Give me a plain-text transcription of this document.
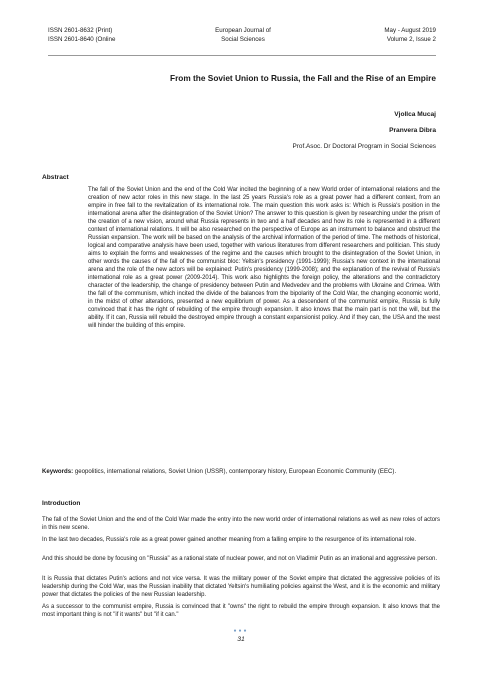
ISSN 2601-8632 (Print)
ISSN 2601-8640 (Online
European Journal of
Social Sciences
May - August 2019
Volume 2, Issue 2
From the Soviet Union to Russia, the Fall and the Rise of an Empire
Vjollca Mucaj
Pranvera Dibra
Prof.Asoc. Dr Doctoral Program in Social Sciences
Abstract

The fall of the Soviet Union and the end of the Cold War incited the beginning of a new World order of international relations and the creation of new actor roles in this new stage. In the last 25 years Russia's role as a great power had a different context, from an empire in free fall to the revitalization of its international role. The main question this work asks is: Which is Russia's position in the international arena after the disintegration of the Soviet Union? The answer to this question is given by researching under the prism of the creation of a new vision, around what Russia represents in two and a half decades and how its role is represented in a different context of international relations. It will be also researched on the perspective of Europe as an instrument to balance and obstruct the Russian expansion. The work will be based on the analysis of the archival information of the period of time. The methods of historical, logical and comparative analysis have been used, together with various literatures from different researchers and politician. This study aims to explain the forms and weaknesses of the regime and the causes which brought to the disintegration of the Soviet Union, in other words the causes of the fall of the communist bloc: Yeltsin's presidency (1991-1999); Russia's new context in the international arena and the role of the new actors will be explained: Putin's presidency (1999-2008); and the explanation of the revival of Russia's international role as a great power (2009-2014). This work also highlights the foreign policy, the alterations and the contradictory character of the leadership, the change of presidency between Putin and Medvedev and the problems with Ukraine and Crimea. With the fall of the communism, which incited the divide of the balances from the bipolarity of the Cold War, the changing economic world, in the midst of other alterations, presented a new equilibrium of power. As a descendent of the communist empire, Russia is fully convinced that it has the right of rebuilding of the empire through expansion. It also knows that the main part is not the will, but the ability. If it can, Russia will rebuild the destroyed empire through a constant expansionist policy. And if they can, the USA and the west will hinder the building of this empire.

Keywords: geopolitics, international relations, Soviet Union (USSR), contemporary history, European Economic Community (EEC).

Introduction

The fall of the Soviet Union and the end of the Cold War made the entry into the new world order of international relations as well as new roles of actors in this new scene.

In the last two decades, Russia's role as a great power gained another meaning from a falling empire to the resurgence of its international role.

And this should be done by focusing on "Russia" as a rational state of nuclear power, and not on Vladimir Putin as an irrational and aggressive person.

It is Russia that dictates Putin's actions and not vice versa. It was the military power of the Soviet empire that dictated the aggressive policies of its leadership during the Cold War, was the Russian inability that dictated Yeltsin's humiliating policies against the West, and it is the economic and military power that dictates the policies of the new Russian leadership.

As a successor to the communist empire, Russia is convinced that it "owns" the right to rebuild the empire through expansion. It also knows that the most important thing is not "if it wants" but "if it can."

●●●
31
